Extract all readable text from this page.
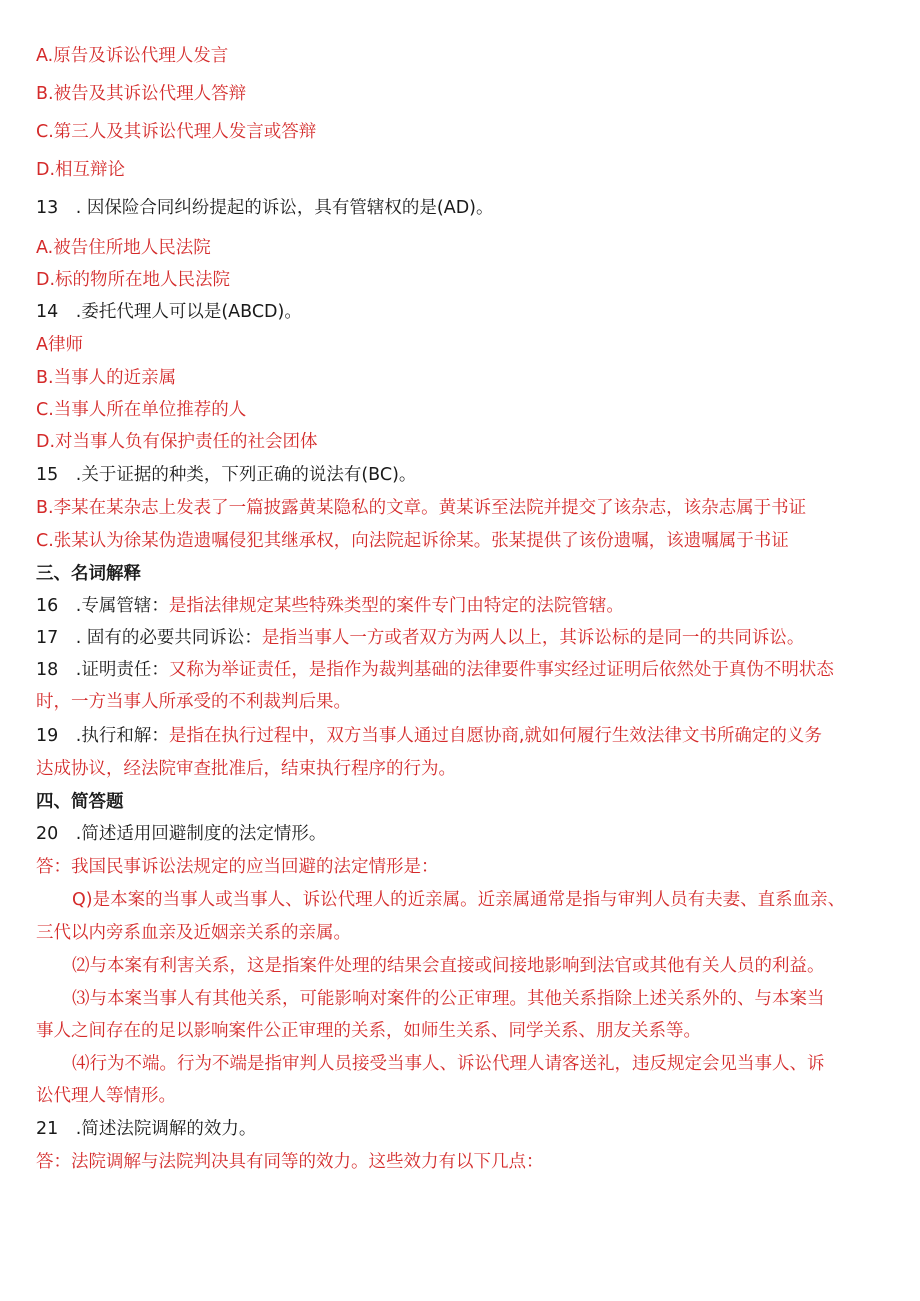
A.原告及诉讼代理人发言
B.被告及其诉讼代理人答辩
C.第三人及其诉讼代理人发言或答辩
D.相互辩论
13　. 因保险合同纠纷提起的诉讼，具有管辖权的是(AD)。
A.被告住所地人民法院
D.标的物所在地人民法院
14　.委托代理人可以是(ABCD)。
A律师
B.当事人的近亲属
C.当事人所在单位推荐的人
D.对当事人负有保护责任的社会团体
15　.关于证据的种类，下列正确的说法有(BC)。
B.李某在某杂志上发表了一篇披露黄某隐私的文章。黄某诉至法院并提交了该杂志，该杂志属于书证
C.张某认为徐某伪造遗嘱侵犯其继承权，向法院起诉徐某。张某提供了该份遗嘱，该遗嘱属于书证
三、名词解释
16　.专属管辖：是指法律规定某些特殊类型的案件专门由特定的法院管辖。
17　. 固有的必要共同诉讼：是指当事人一方或者双方为两人以上，其诉讼标的是同一的共同诉讼。
18　.证明责任：又称为举证责任，是指作为裁判基础的法律要件事实经过证明后依然处于真伪不明状态
时，一方当事人所承受的不利裁判后果。
19　.执行和解：是指在执行过程中，双方当事人通过自愿协商,就如何履行生效法律文书所确定的义务
达成协议，经法院审查批准后，结束执行程序的行为。
四、简答题
20　.简述适用回避制度的法定情形。
答：我国民事诉讼法规定的应当回避的法定情形是：
Q)是本案的当事人或当事人、诉讼代理人的近亲属。近亲属通常是指与审判人员有夫妻、直系血亲、
三代以内旁系血亲及近姻亲关系的亲属。
⑵与本案有利害关系，这是指案件处理的结果会直接或间接地影响到法官或其他有关人员的利益。
⑶与本案当事人有其他关系，可能影响对案件的公正审理。其他关系指除上述关系外的、与本案当
事人之间存在的足以影响案件公正审理的关系，如师生关系、同学关系、朋友关系等。
⑷行为不端。行为不端是指审判人员接受当事人、诉讼代理人请客送礼，违反规定会见当事人、诉
讼代理人等情形。
21　.简述法院调解的效力。
答：法院调解与法院判决具有同等的效力。这些效力有以下几点：
